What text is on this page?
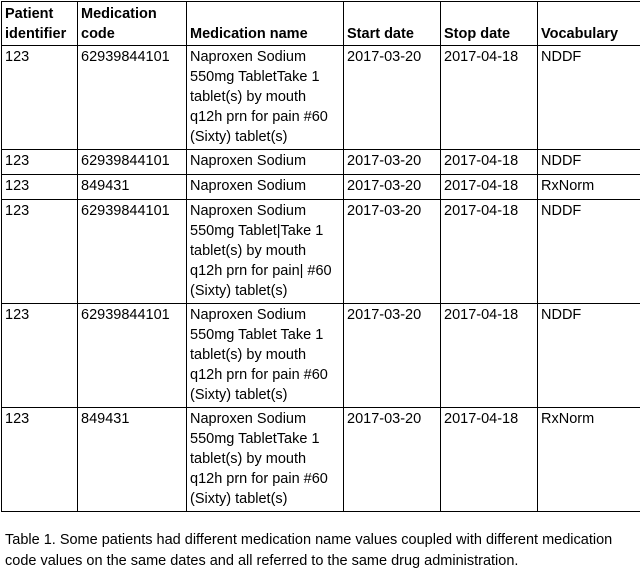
Patient identifier	Medication code	Medication name	Start date	Stop date	Vocabulary
123	62939844101	Naproxen Sodium 550mg TabletTake 1 tablet(s) by mouth q12h prn for pain #60 (Sixty) tablet(s)	2017-03-20	2017-04-18	NDDF
123	62939844101	Naproxen Sodium	2017-03-20	2017-04-18	NDDF
123	849431	Naproxen Sodium	2017-03-20	2017-04-18	RxNorm
123	62939844101	Naproxen Sodium 550mg Tablet|Take 1 tablet(s) by mouth q12h prn for pain| #60 (Sixty) tablet(s)	2017-03-20	2017-04-18	NDDF
123	62939844101	Naproxen Sodium 550mg Tablet Take 1 tablet(s) by mouth q12h prn for pain #60 (Sixty) tablet(s)	2017-03-20	2017-04-18	NDDF
123	849431	Naproxen Sodium 550mg TabletTake 1 tablet(s) by mouth q12h prn for pain #60 (Sixty) tablet(s)	2017-03-20	2017-04-18	RxNorm
Table 1. Some patients had different medication name values coupled with different medication code values on the same dates and all referred to the same drug administration.
